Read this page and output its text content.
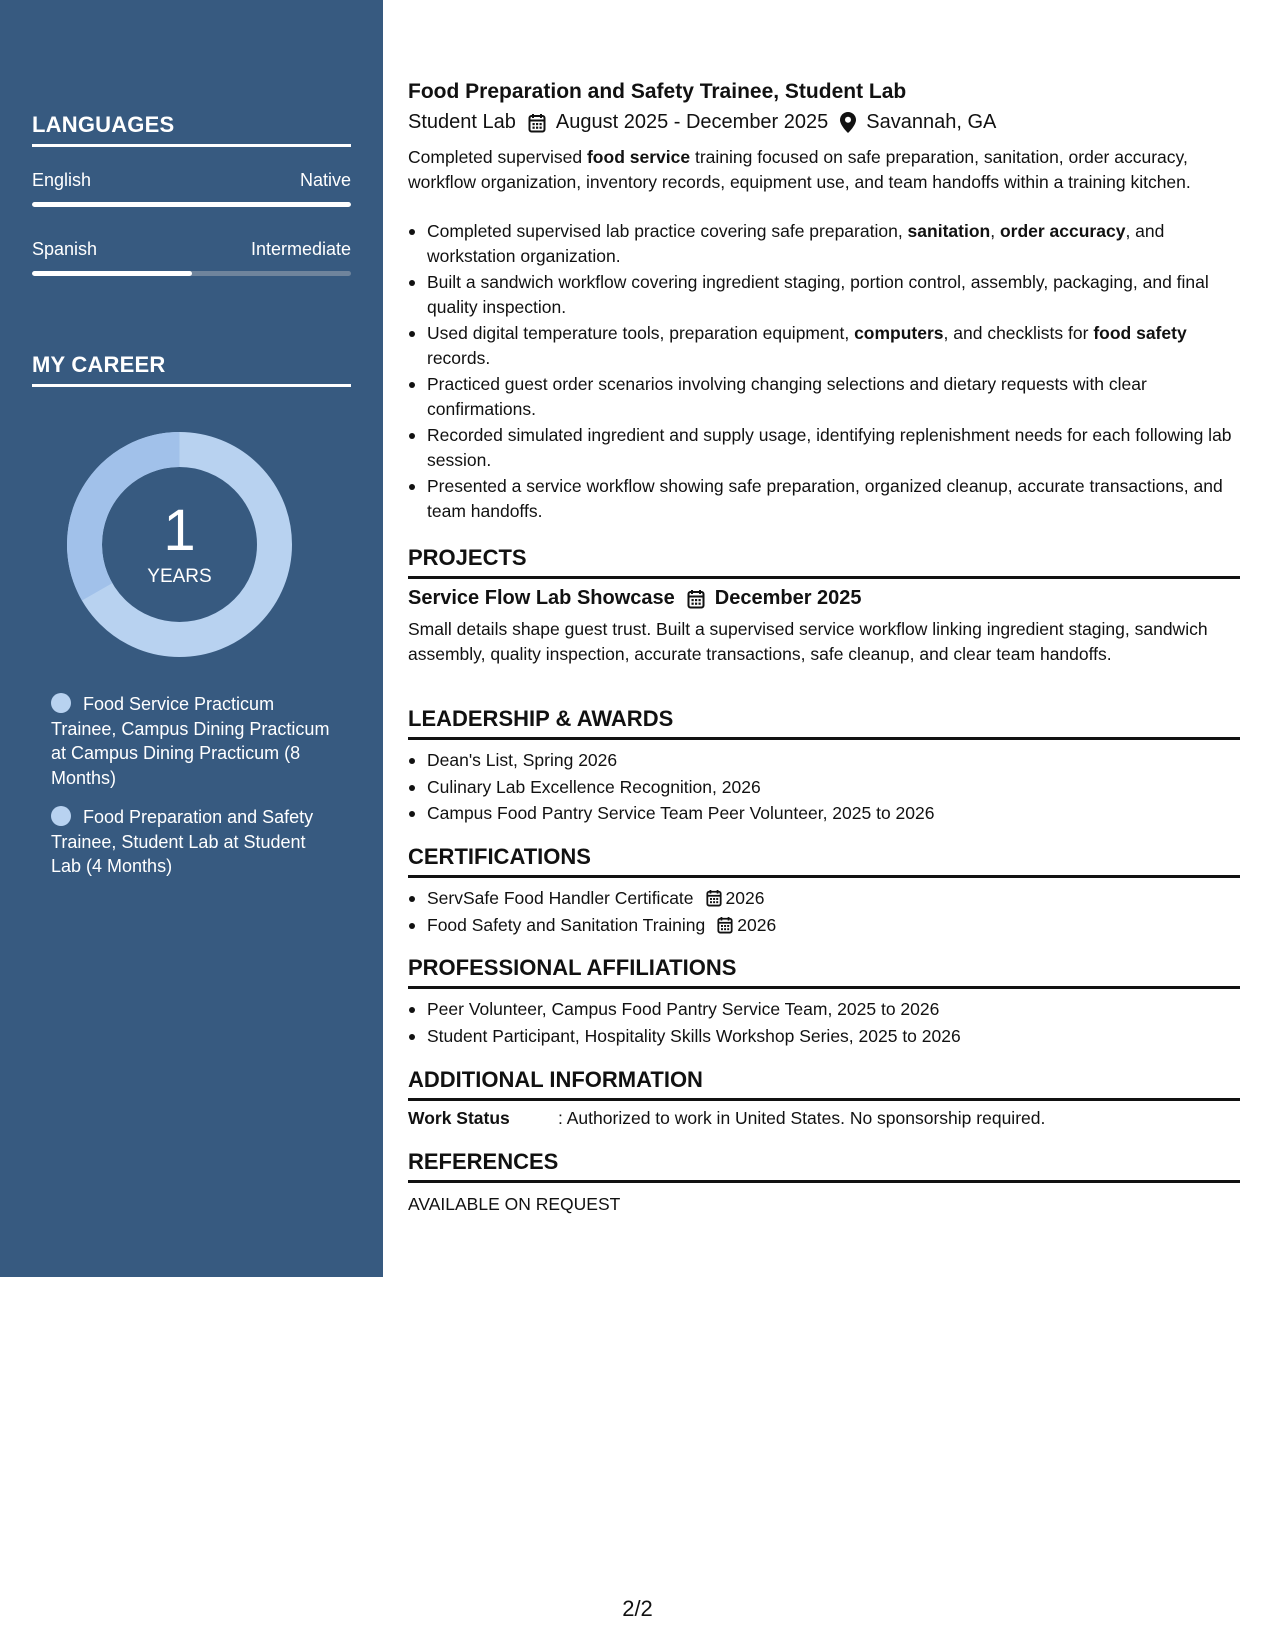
LANGUAGES
English	Native
Spanish	Intermediate
MY CAREER
1
YEARS
Food Service Practicum Trainee, Campus Dining Practicum at Campus Dining Practicum (8 Months)
Food Preparation and Safety Trainee, Student Lab at Student Lab (4 Months)
Food Preparation and Safety Trainee, Student Lab
Student Lab August 2025 - December 2025 Savannah, GA
Completed supervised food service training focused on safe preparation, sanitation, order accuracy, workflow organization, inventory records, equipment use, and team handoffs within a training kitchen.
Completed supervised lab practice covering safe preparation, sanitation, order accuracy, and workstation organization.
Built a sandwich workflow covering ingredient staging, portion control, assembly, packaging, and final quality inspection.
Used digital temperature tools, preparation equipment, computers, and checklists for food safety records.
Practiced guest order scenarios involving changing selections and dietary requests with clear confirmations.
Recorded simulated ingredient and supply usage, identifying replenishment needs for each following lab session.
Presented a service workflow showing safe preparation, organized cleanup, accurate transactions, and team handoffs.
PROJECTS
Service Flow Lab Showcase December 2025
Small details shape guest trust. Built a supervised service workflow linking ingredient staging, sandwich assembly, quality inspection, accurate transactions, safe cleanup, and clear team handoffs.
LEADERSHIP & AWARDS
Dean's List, Spring 2026
Culinary Lab Excellence Recognition, 2026
Campus Food Pantry Service Team Peer Volunteer, 2025 to 2026
CERTIFICATIONS
ServSafe Food Handler Certificate 2026
Food Safety and Sanitation Training 2026
PROFESSIONAL AFFILIATIONS
Peer Volunteer, Campus Food Pantry Service Team, 2025 to 2026
Student Participant, Hospitality Skills Workshop Series, 2025 to 2026
ADDITIONAL INFORMATION
Work Status	: Authorized to work in United States. No sponsorship required.
REFERENCES
AVAILABLE ON REQUEST
2/2
